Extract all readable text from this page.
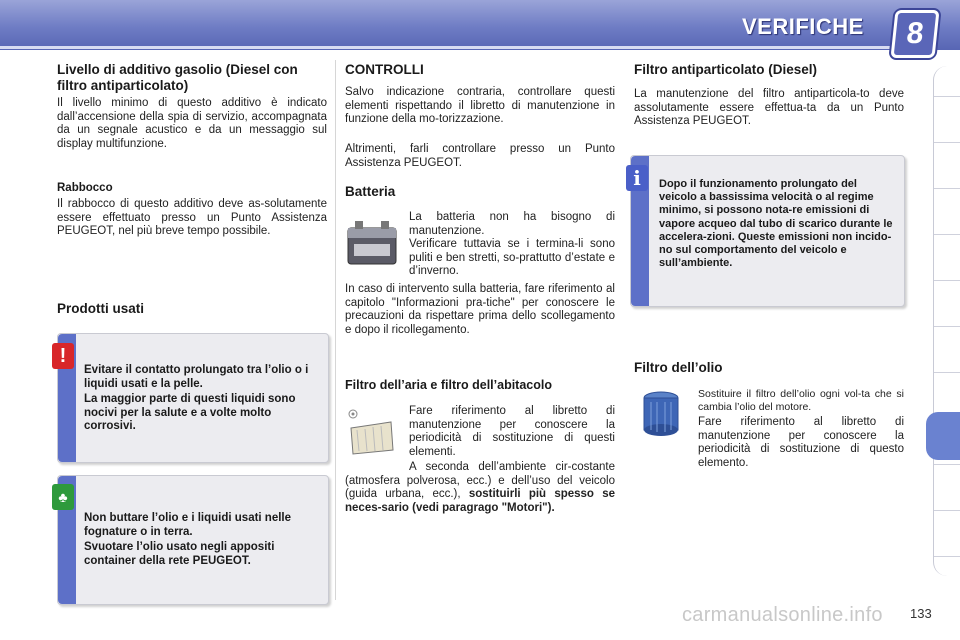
VERIFICHE	8
Livello di additivo gasolio (Diesel con filtro antiparticolato)

Il livello minimo di questo additivo è indicato dall’accensione della spia di servizio, accompagnata da un segnale acustico e da un messaggio sul display multifunzione.

Rabbocco

Il rabbocco di questo additivo deve as-solutamente essere effettuato presso un Punto Assistenza PEUGEOT, nel più breve tempo possibile.

Prodotti usati

Evitare il contatto prolungato tra l’olio o i liquidi usati e la pelle.

La maggior parte di questi liquidi sono nocivi per la salute e a volte molto corrosivi.

!

Non buttare l’olio e i liquidi usati nelle fognature o in terra.

Svuotare l’olio usato negli appositi container della rete PEUGEOT.

♣
CONTROLLI

Salvo indicazione contraria, controllare questi elementi rispettando il libretto di manutenzione in funzione della mo-torizzazione.

Altrimenti, farli controllare presso un Punto Assistenza PEUGEOT.

Batteria

La batteria non ha bisogno di manutenzione.

Verificare tuttavia se i termina-li sono puliti e ben stretti, so-prattutto d’estate e d’inverno.

In caso di intervento sulla batteria, fare riferimento al capitolo "Informazioni pra-tiche" per conoscere le precauzioni da rispettare prima dello scollegamento e dopo il ricollegamento.

Filtro dell’aria e filtro dell’abitacolo

Fare riferimento al libretto di manutenzione per conoscere la periodicità di sostituzione di questi elementi.

A seconda dell’ambiente cir-costante (atmosfera polverosa, ecc.) e dell’uso del veicolo (guida urbana, ecc.), sostituirli più spesso se neces-sario (vedi paragrago "Motori").

Filtro antiparticolato (Diesel)

La manutenzione del filtro antiparticola-to deve assolutamente essere effettua-ta da un Punto Assistenza PEUGEOT.

Dopo il funzionamento prolungato del veicolo a bassissima velocità o al regime minimo, si possono nota-re emissioni di vapore acqueo dal tubo di scarico durante le accelera-zioni. Queste emissioni non incido-no sul comportamento del veicolo e sull’ambiente.
i
Filtro dell’olio

Sostituire il filtro dell’olio ogni vol-ta che si cambia l’olio del motore.

Fare riferimento al libretto di manutenzione per conoscere la periodicità di sostituzione di questo elemento.

133
carmanualsonline.info
